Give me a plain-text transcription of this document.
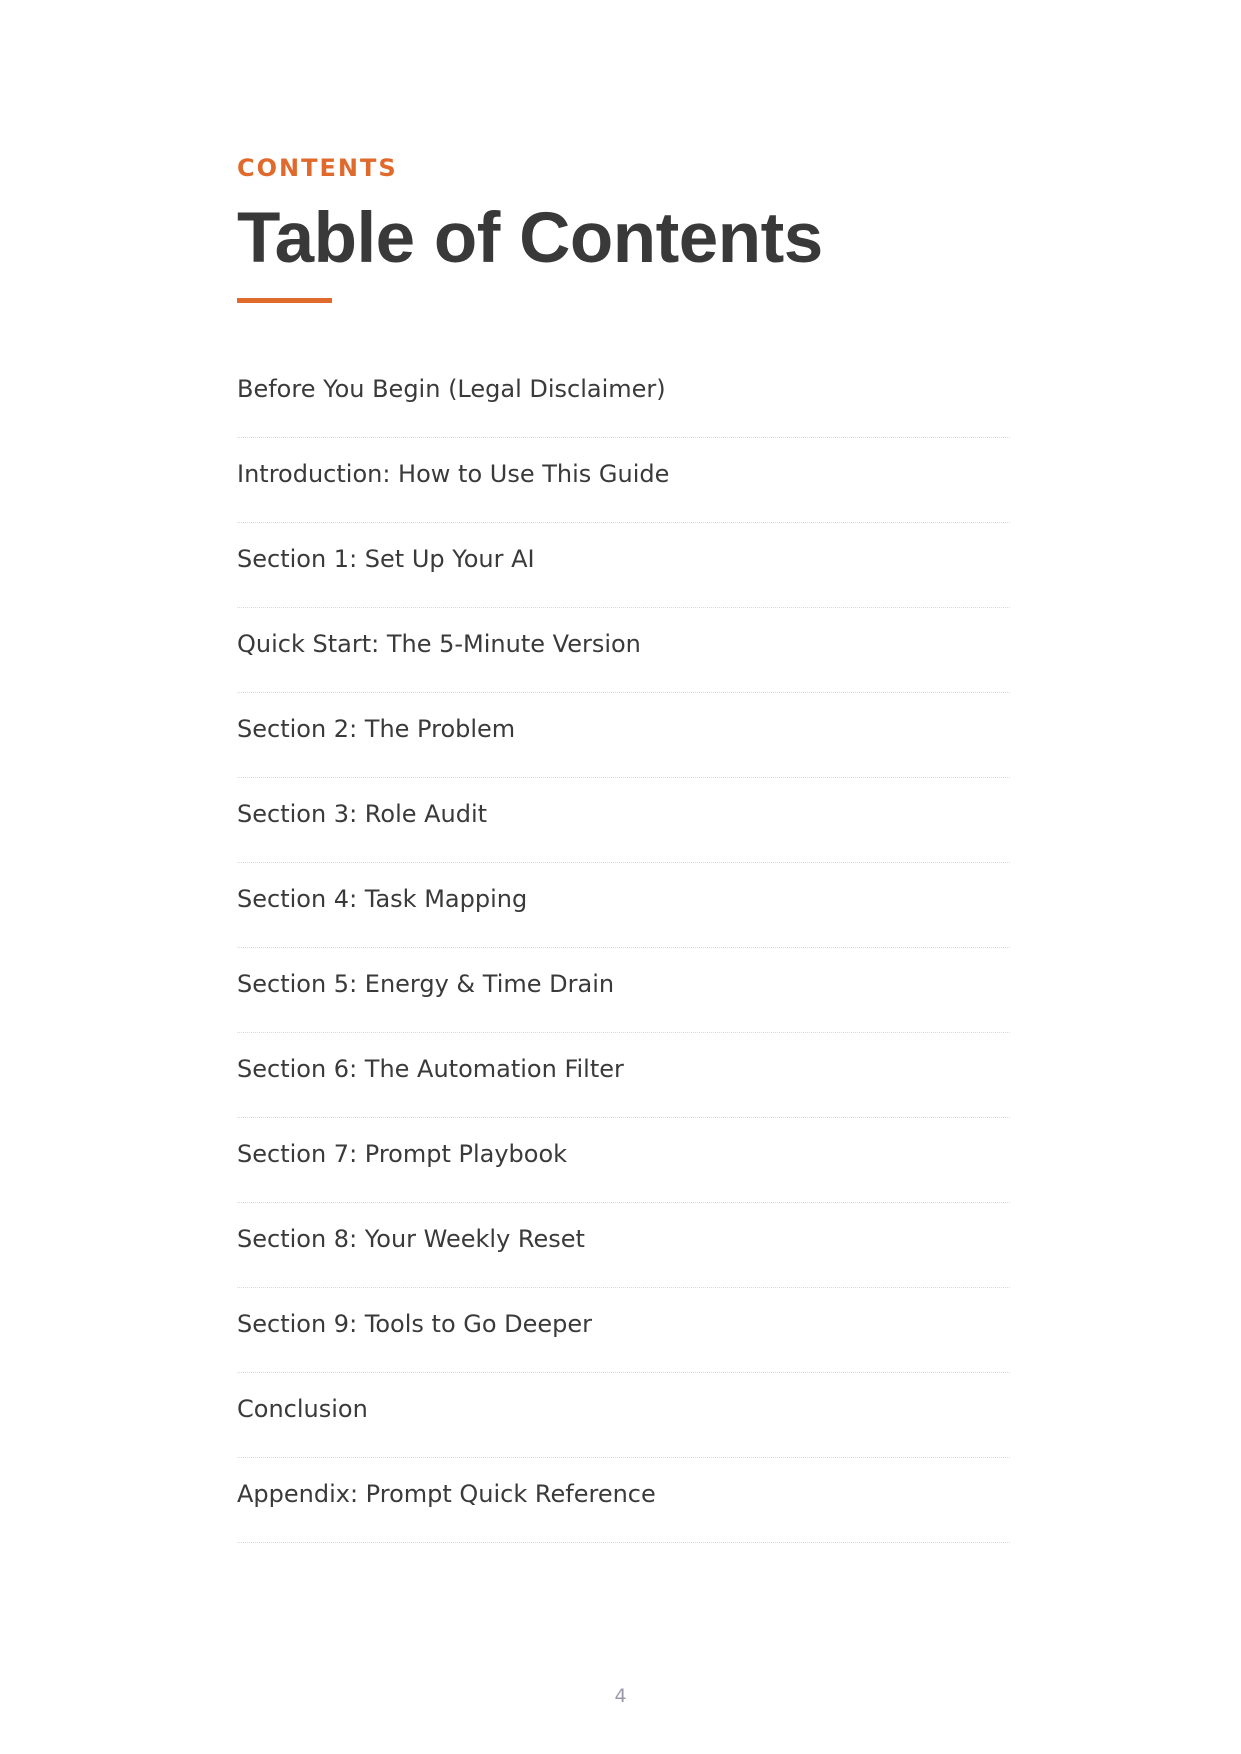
CONTENTS
Table of Contents
Before You Begin (Legal Disclaimer)
Introduction: How to Use This Guide
Section 1: Set Up Your AI
Quick Start: The 5-Minute Version
Section 2: The Problem
Section 3: Role Audit
Section 4: Task Mapping
Section 5: Energy & Time Drain
Section 6: The Automation Filter
Section 7: Prompt Playbook
Section 8: Your Weekly Reset
Section 9: Tools to Go Deeper
Conclusion
Appendix: Prompt Quick Reference
4
